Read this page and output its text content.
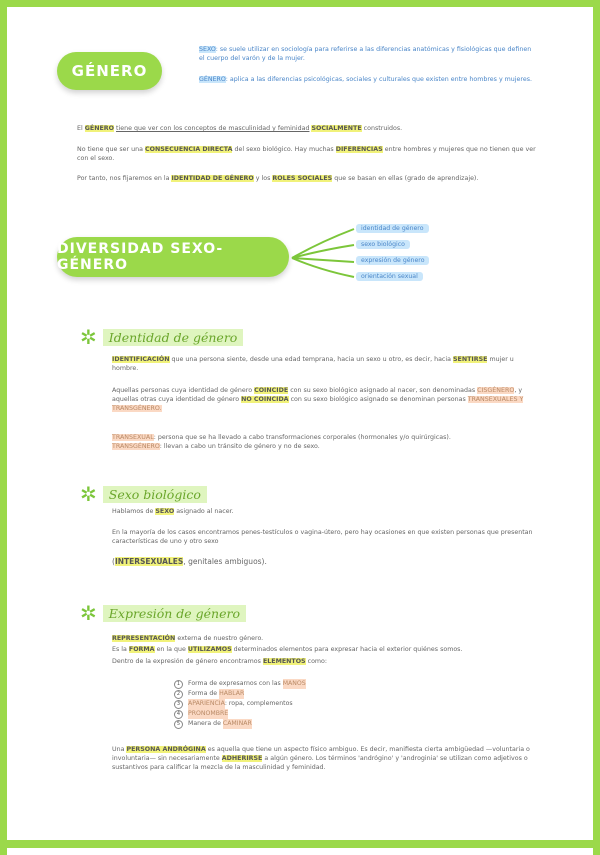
GÉNERO
SEXO: se suele utilizar en sociología para referirse a las diferencias anatómicas y fisiológicas que definen el cuerpo del varón y de la mujer.
GÉNERO: aplica a las diferencias psicológicas, sociales y culturales que existen entre hombres y mujeres.
El GÉNERO tiene que ver con los conceptos de masculinidad y feminidad SOCIALMENTE construidos.
No tiene que ser una CONSECUENCIA DIRECTA del sexo biológico. Hay muchas DIFERENCIAS entre hombres y mujeres que no tienen que ver con el sexo.
Por tanto, nos fijaremos en la IDENTIDAD DE GÉNERO y los ROLES SOCIALES que se basan en ellas (grado de aprendizaje).
DIVERSIDAD SEXO-GÉNERO
identidad de género
sexo biológico
expresión de género
orientación sexual
✲ Identidad de género
IDENTIFICACIÓN que una persona siente, desde una edad temprana, hacia un sexo u otro, es decir, hacia SENTIRSE mujer u hombre.
Aquellas personas cuya identidad de género COINCIDE con su sexo biológico asignado al nacer, son denominadas CISGÉNERO, y aquellas otras cuya identidad de género NO COINCIDA con su sexo biológico asignado se denominan personas TRANSEXUALES Y TRANSGÉNERO.
TRANSEXUAL: persona que se ha llevado a cabo transformaciones corporales (hormonales y/o quirúrgicas).
TRANSGÉNERO: llevan a cabo un tránsito de género y no de sexo.
✲ Sexo biológico
Hablamos de SEXO asignado al nacer.
En la mayoría de los casos encontramos penes-testículos o vagina-útero, pero hay ocasiones en que existen personas que presentan características de uno y otro sexo
(INTERSEXUALES, genitales ambiguos).
✲ Expresión de género
REPRESENTACIÓN externa de nuestro género.
Es la FORMA en la que UTILIZAMOS determinados elementos para expresar hacia el exterior quiénes somos.
Dentro de la expresión de género encontramos ELEMENTOS como:
1	Forma de expresarnos con las
MANOS
2	Forma de
HABLAR
3	APARIENCIA : ropa, complementos
4	PRONOMBRE
5	Manera de
CAMINAR
Una PERSONA ANDRÓGINA es aquella que tiene un aspecto físico ambiguo. Es decir, manifiesta cierta ambigüedad —voluntaria o involuntaria— sin necesariamente ADHERIRSE a algún género. Los términos 'andrógino' y 'androginia' se utilizan como adjetivos o sustantivos para calificar la mezcla de la masculinidad y feminidad.
